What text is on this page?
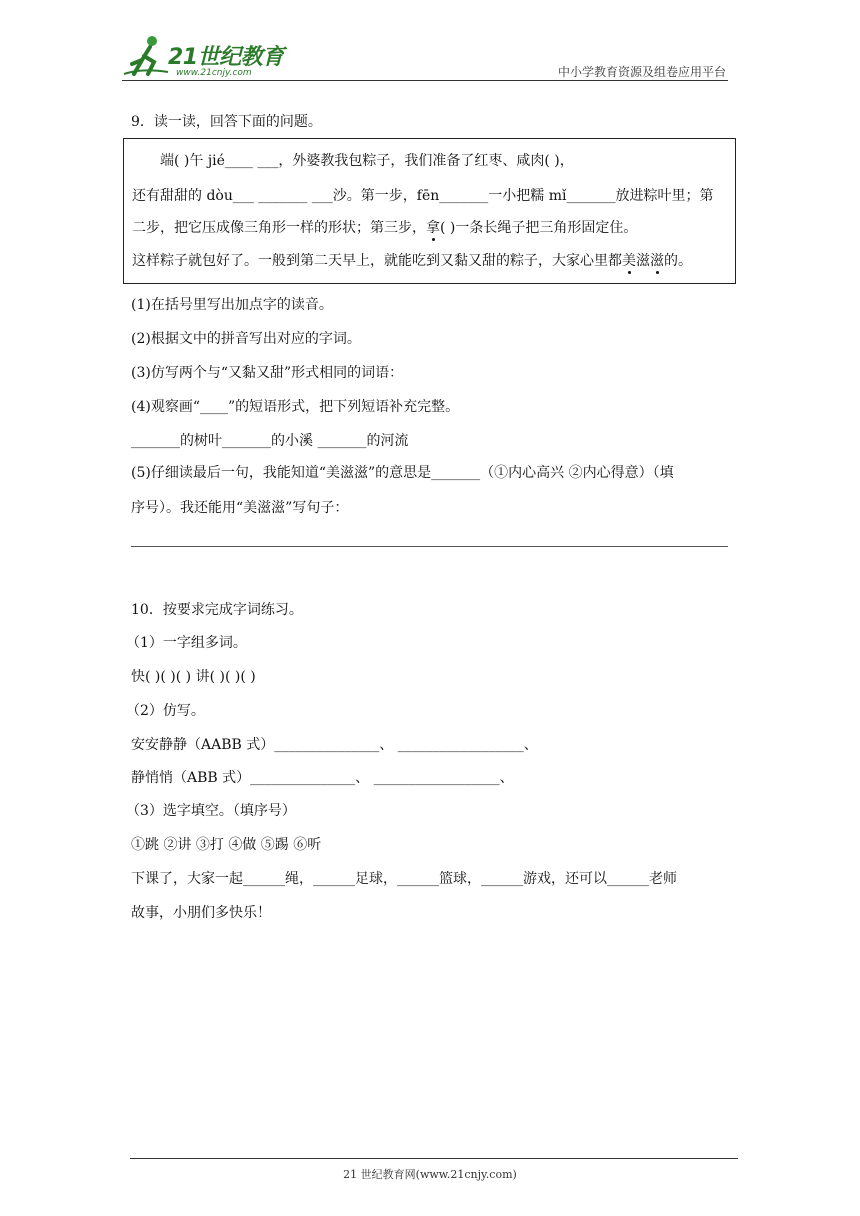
21世纪教育
www.21cnjy.com	中小学教育资源及组卷应用平台
9．读一读，回答下面的问题。
端( )午 jié____ ___，外婆教我包粽子，我们准备了红枣、咸肉( )，
还有甜甜的 dòu___ _______ ___沙。第一步，fēn_______一小把糯 mǐ_______放进粽叶里；第
二步，把它压成像三角形一样的形状；第三步，拿( )一条长绳子把三角形固定住。
这样粽子就包好了。一般到第二天早上，就能吃到又黏又甜的粽子，大家心里都美滋滋的。
(1)在括号里写出加点字的读音。
(2)根据文中的拼音写出对应的字词。
(3)仿写两个与“又黏又甜”形式相同的词语：
(4)观察画“____”的短语形式，把下列短语补充完整。
_______的树叶_______的小溪 _______的河流
(5)仔细读最后一句，我能知道“美滋滋”的意思是_______（①内心高兴 ②内心得意）（填
序号）。我还能用“美滋滋”写句子：
10．按要求完成字词练习。
（1）一字组多词。
快( )( )( ) 讲( )( )( )
（2）仿写。
安安静静（AABB 式）_______________、 __________________、
静悄悄（ABB 式）_______________、 __________________、
（3）选字填空。（填序号）
①跳 ②讲 ③打 ④做 ⑤踢 ⑥听
下课了，大家一起______绳，______足球，______篮球，______游戏，还可以______老师
故事，小朋们多快乐！
21 世纪教育网(www.21cnjy.com)
